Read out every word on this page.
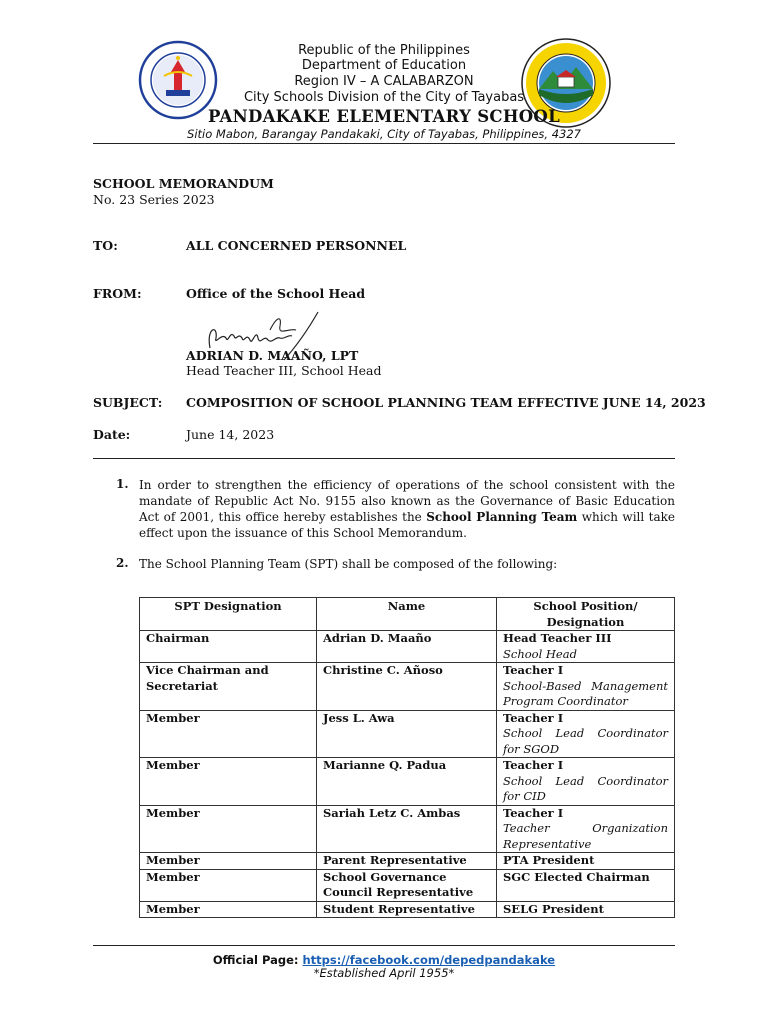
Republic of the Philippines
Department of Education
Region IV – A CALABARZON
City Schools Division of the City of Tayabas
PANDAKAKE ELEMENTARY SCHOOL
Sitio Mabon, Barangay Pandakaki, City of Tayabas, Philippines, 4327
SCHOOL MEMORANDUM
No. 23 Series 2023
TO:	ALL CONCERNED PERSONNEL
FROM:	Office of the School Head
ADRIAN D. MAAÑO, LPT
Head Teacher III, School Head
SUBJECT: COMPOSITION OF SCHOOL PLANNING TEAM EFFECTIVE JUNE 14, 2023
Date:	June 14, 2023
1. In order to strengthen the efficiency of operations of the school consistent with the mandate of Republic Act No. 9155 also known as the Governance of Basic Education Act of 2001, this office hereby establishes the School Planning Team which will take effect upon the issuance of this School Memorandum.
2. The School Planning Team (SPT) shall be composed of the following:
SPT Designation	Name	School Position/ Designation
Chairman	Adrian D. Maaño	Head Teacher III
School Head

Vice Chairman and Secretariat	Christine C. Añoso	Teacher I
School-Based Management Program Coordinator

Member	Jess L. Awa	Teacher I
School Lead Coordinator for SGOD

Member	Marianne Q. Padua	Teacher I
School Lead Coordinator for CID

Member	Sariah Letz C. Ambas	Teacher I
Teacher Organization Representative

Member	Parent Representative	PTA President
Member	School Governance Council Representative	SGC Elected Chairman
Member	Student Representative	SELG President
Official Page: https://facebook.com/depedpandakake
*Established April 1955*
